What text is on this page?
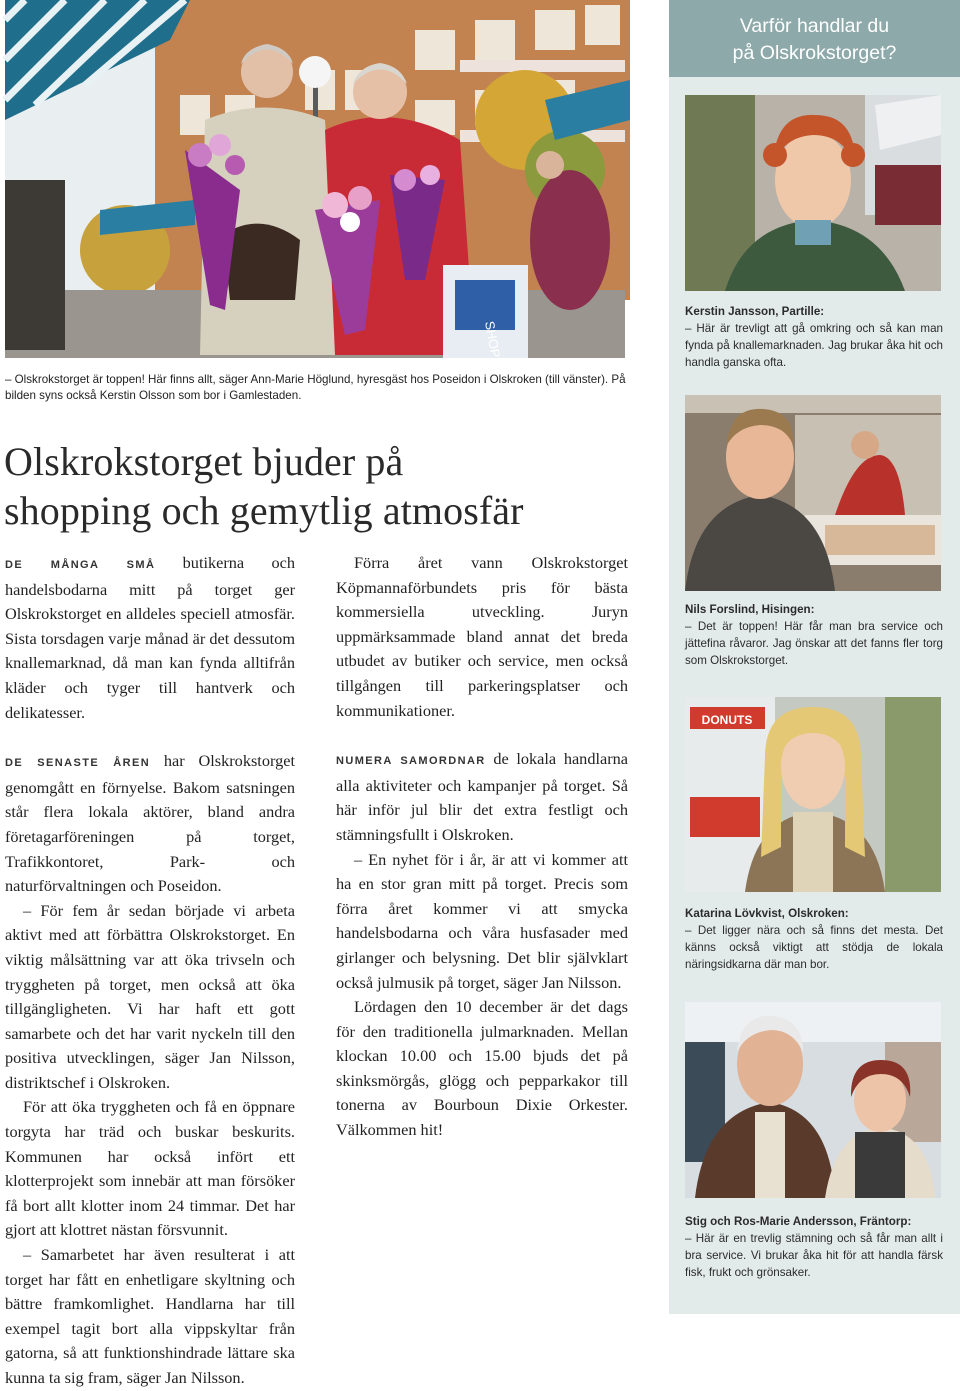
SHOPPER
– Olskrokstorget är toppen! Här finns allt, säger Ann-Marie Höglund, hyresgäst hos Poseidon i Olskroken (till vänster). På bilden syns också Kerstin Olsson som bor i Gamlestaden.
Olskrokstorget bjuder på
shopping och gemytlig atmosfär

DE MÅNGA SMÅ butikerna och handelsbodarna mitt på torget ger Olskrokstorget en alldeles speciell atmosfär. Sista torsdagen varje månad är det dessutom knallemarknad, då man kan fynda alltifrån kläder och tyger till hantverk och delikatesser.

DE SENASTE ÅREN har Olskrokstorget genomgått en förnyelse. Bakom satsningen står flera lokala aktörer, bland andra företagarföreningen på torget, Trafikkontoret, Park- och naturförvaltningen och Poseidon.

– För fem år sedan började vi arbeta aktivt med att förbättra Olskrokstorget. En viktig målsättning var att öka trivseln och tryggheten på torget, men också att öka tillgängligheten. Vi har haft ett gott samarbete och det har varit nyckeln till den positiva utvecklingen, säger Jan Nilsson, distriktschef i Olskroken.

För att öka tryggheten och få en öppnare torgyta har träd och buskar beskurits. Kommunen har också infört ett klotterprojekt som innebär att man försöker få bort allt klotter inom 24 timmar. Det har gjort att klottret nästan försvunnit.

– Samarbetet har även resulterat i att torget har fått en enhetligare skyltning och bättre framkomlighet. Handlarna har till exempel tagit bort alla vippskyltar från gatorna, så att funktionshindrade lättare ska kunna ta sig fram, säger Jan Nilsson.

Förra året vann Olskrokstorget Köpmannaförbundets pris för bästa kommersiella utveckling. Juryn uppmärksammade bland annat det breda utbudet av butiker och service, men också tillgången till parkeringsplatser och kommunikationer.

NUMERA SAMORDNAR de lokala handlarna alla aktiviteter och kampanjer på torget. Så här inför jul blir det extra festligt och stämningsfullt i Olskroken.

– En nyhet för i år, är att vi kommer att ha en stor gran mitt på torget. Precis som förra året kommer vi att smycka handelsbodarna och våra husfasader med girlanger och belysning. Det blir självklart också julmusik på torget, säger Jan Nilsson.

Lördagen den 10 december är det dags för den traditionella julmarknaden. Mellan klockan 10.00 och 15.00 bjuds det på skinksmörgås, glögg och pepparkakor till tonerna av Bourboun Dixie Orkester. Välkommen hit!

Varför handlar du
på Olskrokstorget?
Kerstin Jansson, Partille:
– Här är trevligt att gå omkring och så kan man fynda på knallemarknaden. Jag brukar åka hit och handla ganska ofta.
Nils Forslind, Hisingen:
– Det är toppen! Här får man bra service och jättefina råvaror. Jag önskar att det fanns fler torg som Olskrokstorget.
DONUTS
Katarina Lövkvist, Olskroken:
– Det ligger nära och så finns det mesta. Det känns också viktigt att stödja de lokala näringsidkarna där man bor.
Stig och Ros-Marie Andersson, Fräntorp:
– Här är en trevlig stämning och så får man allt i bra service. Vi brukar åka hit för att handla färsk fisk, frukt och grönsaker.
